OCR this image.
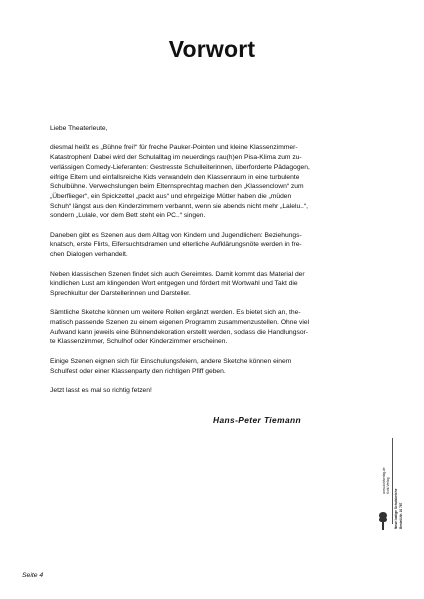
Vorwort

Liebe Theaterleute,

diesmal heißt es „Bühne frei!“ für freche Pauker-Pointen und kleine Klassenzimmer-
Katastrophen! Dabei wird der Schulalltag im neuerdings rau(h)en Pisa-Klima zum zu-
verlässigen Comedy-Lieferanten: Gestresste Schulleiterinnen, überforderte Pädagogen,
eifrige Eltern und einfallsreiche Kids verwandeln den Klassenraum in eine turbulente
Schulbühne. Verwechslungen beim Elternsprechtag machen den „Klassenclown“ zum
„Überflieger“, ein Spickzettel „packt aus“ und ehrgeizige Mütter haben die „müden
Schuh“ längst aus den Kinderzimmern verbannt, wenn sie abends nicht mehr „Lalelu..“,
sondern „Lulale, vor dem Bett steht ein PC..“ singen.

Daneben gibt es Szenen aus dem Alltag von Kindern und Jugendlichen: Beziehungs-
knatsch, erste Flirts, Eifersuchtsdramen und elterliche Aufklärungsnöte werden in fre-
chen Dialogen verhandelt.

Neben klassischen Szenen findet sich auch Gereimtes. Damit kommt das Material der
kindlichen Lust am klingenden Wort entgegen und fördert mit Wortwahl und Takt die
Sprechkultur der Darstellerinnen und Darsteller.

Sämtliche Sketche können um weitere Rollen ergänzt werden. Es bietet sich an, the-
matisch passende Szenen zu einem eigenen Programm zusammenzustellen. Ohne viel
Aufwand kann jeweils eine Bühnendekoration erstellt werden, sodass die Handlungsor-
te Klassenzimmer, Schulhof oder Kinderzimmer erscheinen.

Einige Szenen eignen sich für Einschulungsfeiern, andere Sketche können einem
Schulfest oder einer Klassenparty den richtigen Pfiff geben.

Jetzt lasst es mal so richtig fetzen!

Hans-Peter Tiemann
Neue lustige Schulsketche Bestell-Nr. 10 787
Kohl-Verlag
www.kohlverlag.de
Seite 4
